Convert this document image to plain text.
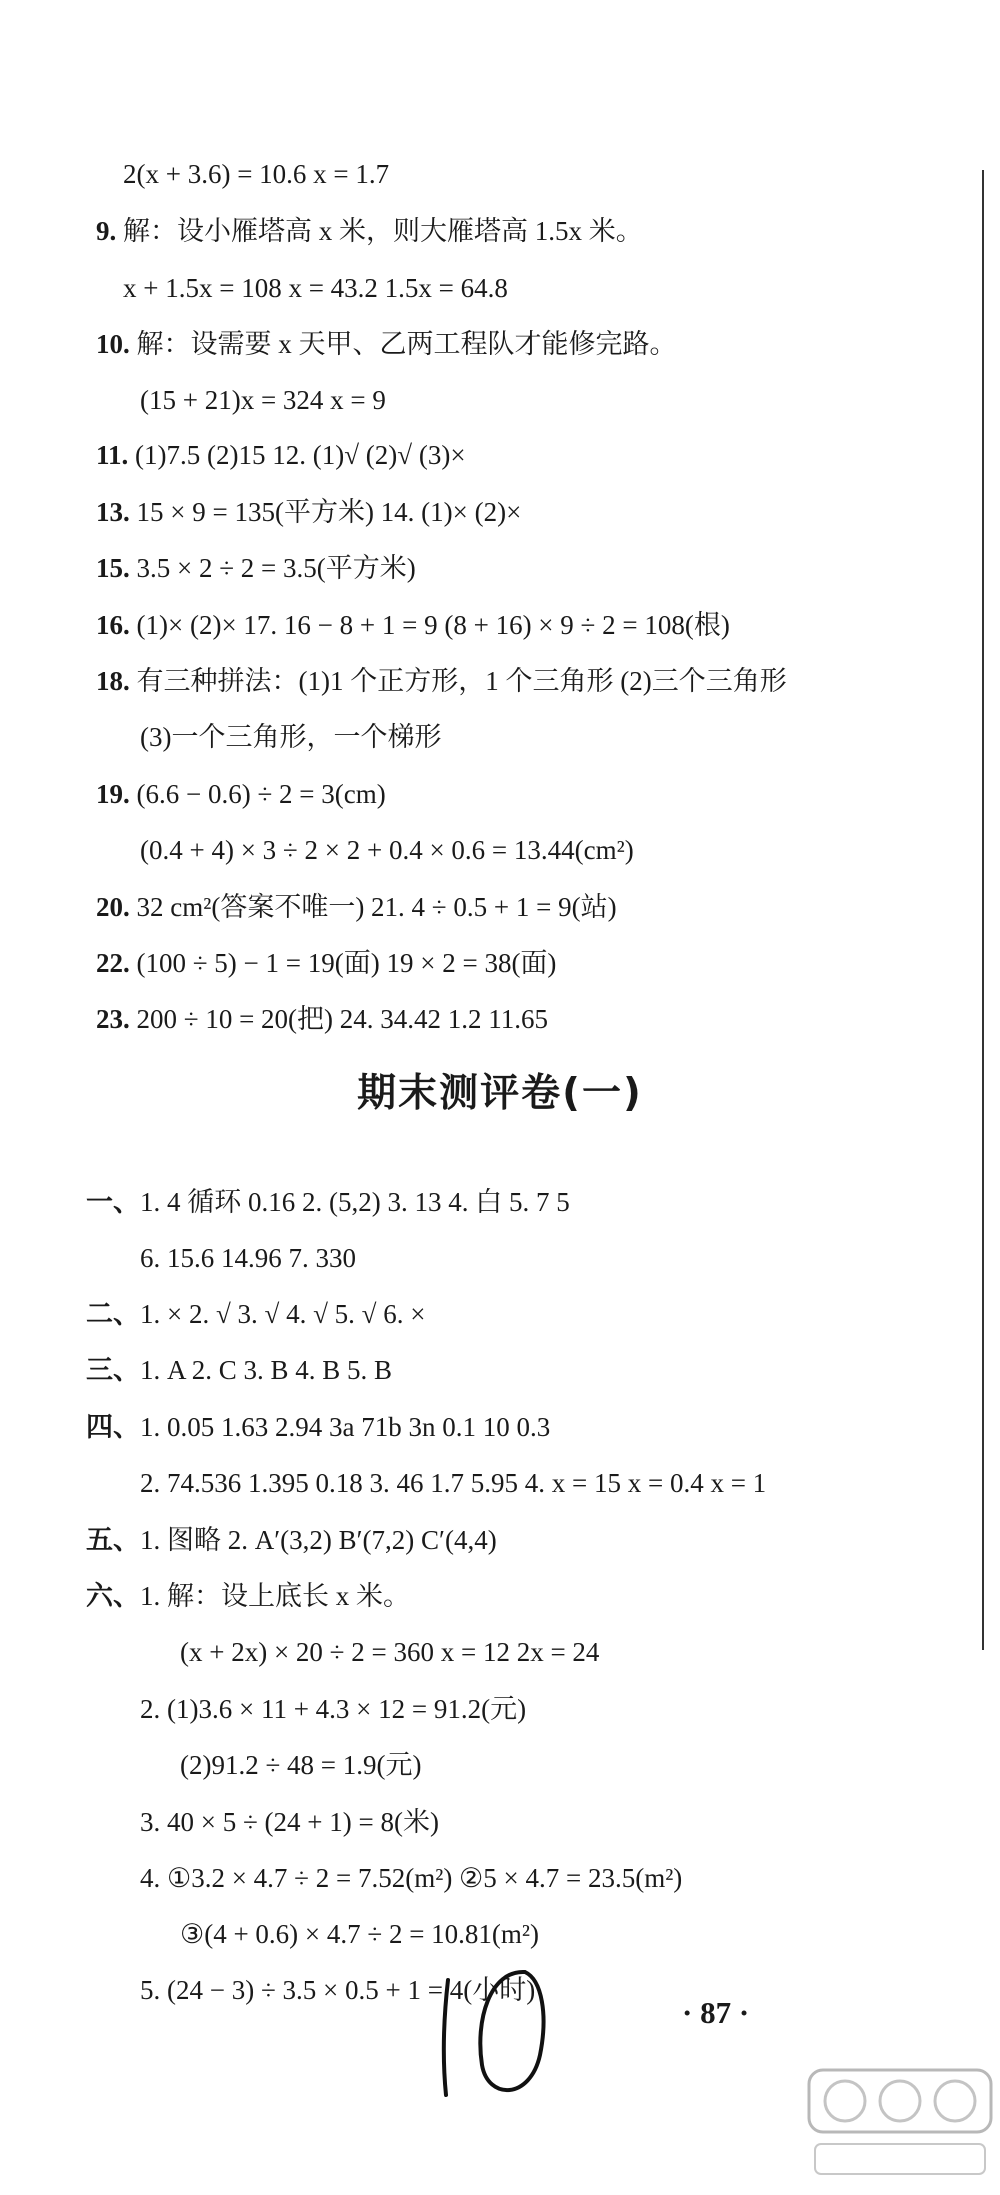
2(x + 3.6) = 10.6 x = 1.7
9. 解：设小雁塔高 x 米，则大雁塔高 1.5x 米。
x + 1.5x = 108 x = 43.2 1.5x = 64.8
10. 解：设需要 x 天甲、乙两工程队才能修完路。
(15 + 21)x = 324 x = 9
11. (1)7.5 (2)15 12. (1)√ (2)√ (3)×
13. 15 × 9 = 135(平方米) 14. (1)× (2)×
15. 3.5 × 2 ÷ 2 = 3.5(平方米)
16. (1)× (2)× 17. 16 − 8 + 1 = 9 (8 + 16) × 9 ÷ 2 = 108(根)
18. 有三种拼法：(1)1 个正方形，1 个三角形 (2)三个三角形
(3)一个三角形，一个梯形
19. (6.6 − 0.6) ÷ 2 = 3(cm)
(0.4 + 4) × 3 ÷ 2 × 2 + 0.4 × 0.6 = 13.44(cm²)
20. 32 cm²(答案不唯一) 21. 4 ÷ 0.5 + 1 = 9(站)
22. (100 ÷ 5) − 1 = 19(面) 19 × 2 = 38(面)
23. 200 ÷ 10 = 20(把) 24. 34.42 1.2 11.65
期末测评卷(一)
一、1. 4 循环 0.16 2. (5,2) 3. 13 4. 白 5. 7 5
6. 15.6 14.96 7. 330
二、1. × 2. √ 3. √ 4. √ 5. √ 6. ×
三、1. A 2. C 3. B 4. B 5. B
四、1. 0.05 1.63 2.94 3a 71b 3n 0.1 10 0.3
2. 74.536 1.395 0.18 3. 46 1.7 5.95 4. x = 15 x = 0.4 x = 1
五、1. 图略 2. A′(3,2) B′(7,2) C′(4,4)
六、1. 解：设上底长 x 米。
(x + 2x) × 20 ÷ 2 = 360 x = 12 2x = 24
2. (1)3.6 × 11 + 4.3 × 12 = 91.2(元)
(2)91.2 ÷ 48 = 1.9(元)
3. 40 × 5 ÷ (24 + 1) = 8(米)
4. ①3.2 × 4.7 ÷ 2 = 7.52(m²) ②5 × 4.7 = 23.5(m²)
③(4 + 0.6) × 4.7 ÷ 2 = 10.81(m²)
5. (24 − 3) ÷ 3.5 × 0.5 + 1 = 4(小时)
· 87 ·
